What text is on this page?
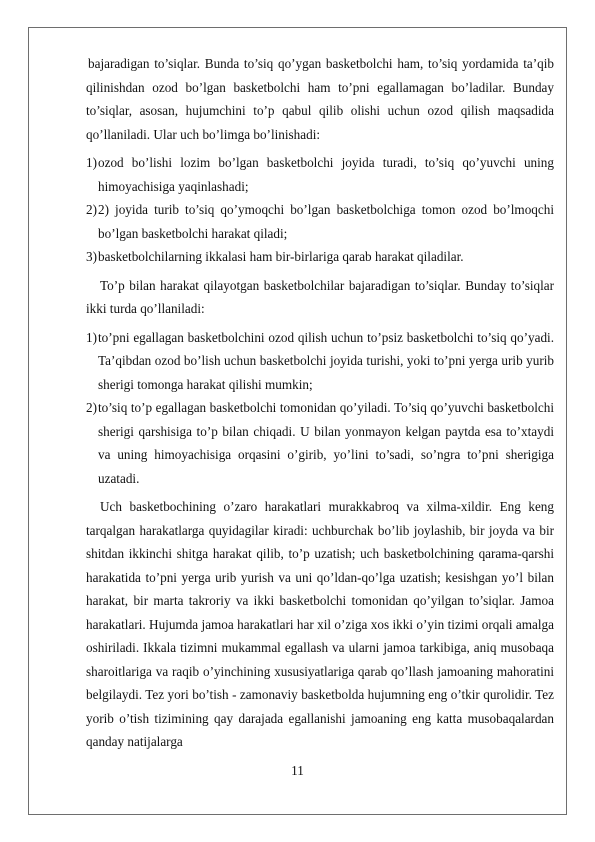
bajaradigan to’siqlar. Bunda to’siq qo’ygan basketbolchi ham, to’siq yordamida ta’qib qilinishdan ozod bo’lgan basketbolchi ham to’pni egallamagan bo’ladilar. Bunday to’siqlar, asosan, hujumchini to’p qabul qilib olishi uchun ozod qilish maqsadida qo’llaniladi. Ular uch bo’limga bo’linishadi:

1) ozod bo’lishi lozim bo’lgan basketbolchi joyida turadi, to’siq qo’yuvchi uning himoyachisiga yaqinlashadi;
2) 2) joyida turib to’siq qo’ymoqchi bo’lgan basketbolchiga tomon ozod bo’lmoqchi bo’lgan basketbolchi harakat qiladi;
3) basketbolchilarning ikkalasi ham bir-birlariga qarab harakat qiladilar.

To’p bilan harakat qilayotgan basketbolchilar bajaradigan to’siqlar. Bunday to’siqlar ikki turda qo’llaniladi:

1) to’pni egallagan basketbolchini ozod qilish uchun to’psiz basketbolchi to’siq qo’yadi. Ta’qibdan ozod bo’lish uchun basketbolchi joyida turishi, yoki to’pni yerga urib yurib sherigi tomonga harakat qilishi mumkin;
2) to’siq to’p egallagan basketbolchi tomonidan qo’yiladi. To’siq qo’yuvchi basketbolchi sherigi qarshisiga to’p bilan chiqadi. U bilan yonmayon kelgan paytda esa to’xtaydi va uning himoyachisiga orqasini o’girib, yo’lini to’sadi, so’ngra to’pni sherigiga uzatadi.

Uch basketbochining o’zaro harakatlari murakkabroq va xilma-xildir. Eng keng tarqalgan harakatlarga quyidagilar kiradi: uchburchak bo’lib joylashib, bir joyda va bir shitdan ikkinchi shitga harakat qilib, to’p uzatish; uch basketbolchining qarama-qarshi harakatida to’pni yerga urib yurish va uni qo’ldan-qo’lga uzatish; kesishgan yo’l bilan harakat, bir marta takroriy va ikki basketbolchi tomonidan qo’yilgan to’siqlar. Jamoa harakatlari. Hujumda jamoa harakatlari har xil o’ziga xos ikki o’yin tizimi orqali amalga oshiriladi. Ikkala tizimni mukammal egallash va ularni jamoa tarkibiga, aniq musobaqa sharoitlariga va raqib o’yinchining xususiyatlariga qarab qo’llash jamoaning mahoratini belgilaydi. Tez yori bo’tish - zamonaviy basketbolda hujumning eng o’tkir qurolidir. Tez yorib o’tish tizimining qay darajada egallanishi jamoaning eng katta musobaqalardan qanday natijalarga

11
